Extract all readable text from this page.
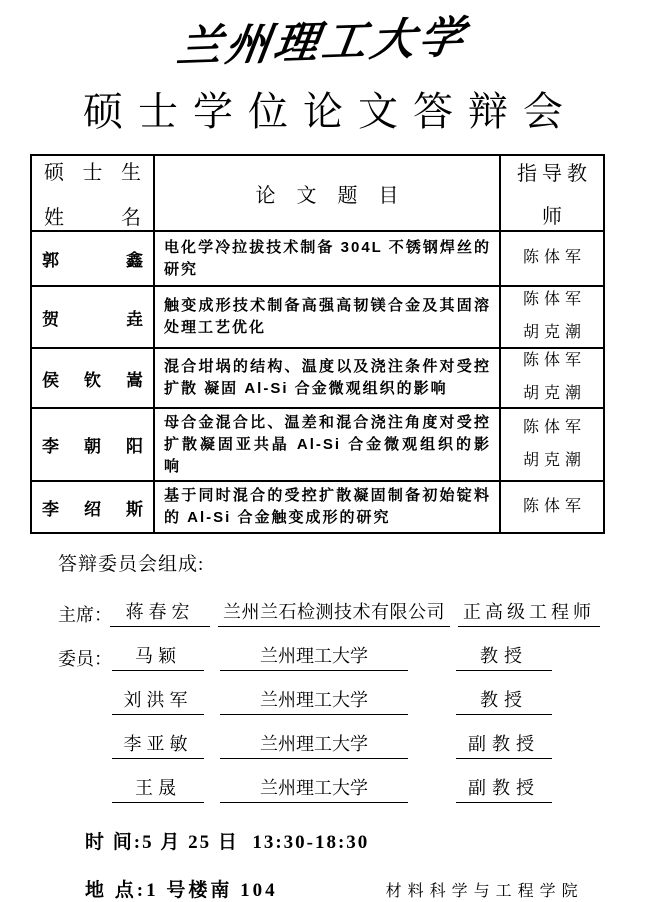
兰州理工大学
硕士学位论文答辩会
硕 士 生
姓 名
	论 文 题 目	
指 导 教
师

郭 鑫	电化学冷拉拔技术制备 304L 不锈钢焊丝的研究	陈体军

贺 垚	触变成形技术制备高强高韧镁合金及其固溶处理工艺优化	陈体军
胡克潮

侯 钦 嵩	混合坩埚的结构、温度以及浇注条件对受控扩散 凝固 Al-Si 合金微观组织的影响	陈体军
胡克潮

李 朝 阳	母合金混合比、温差和混合浇注角度对受控扩散凝固亚共晶 Al-Si 合金微观组织的影响	陈体军
胡克潮

李 绍 斯	基于同时混合的受控扩散凝固制备初始锭料的 Al-Si 合金触变成形的研究	陈体军
答辩委员会组成:
主席： 蒋春宏	兰州兰石检测技术有限公司 正高级工程师
委员：	马颖	兰州理工大学	教授
刘洪军	兰州理工大学	教授
李亚敏	兰州理工大学	副教授
王晟	兰州理工大学	副教授
时 间:5 月 25 日  13:30-18:30
地 点:1 号楼南 104	材料科学与工程学院
